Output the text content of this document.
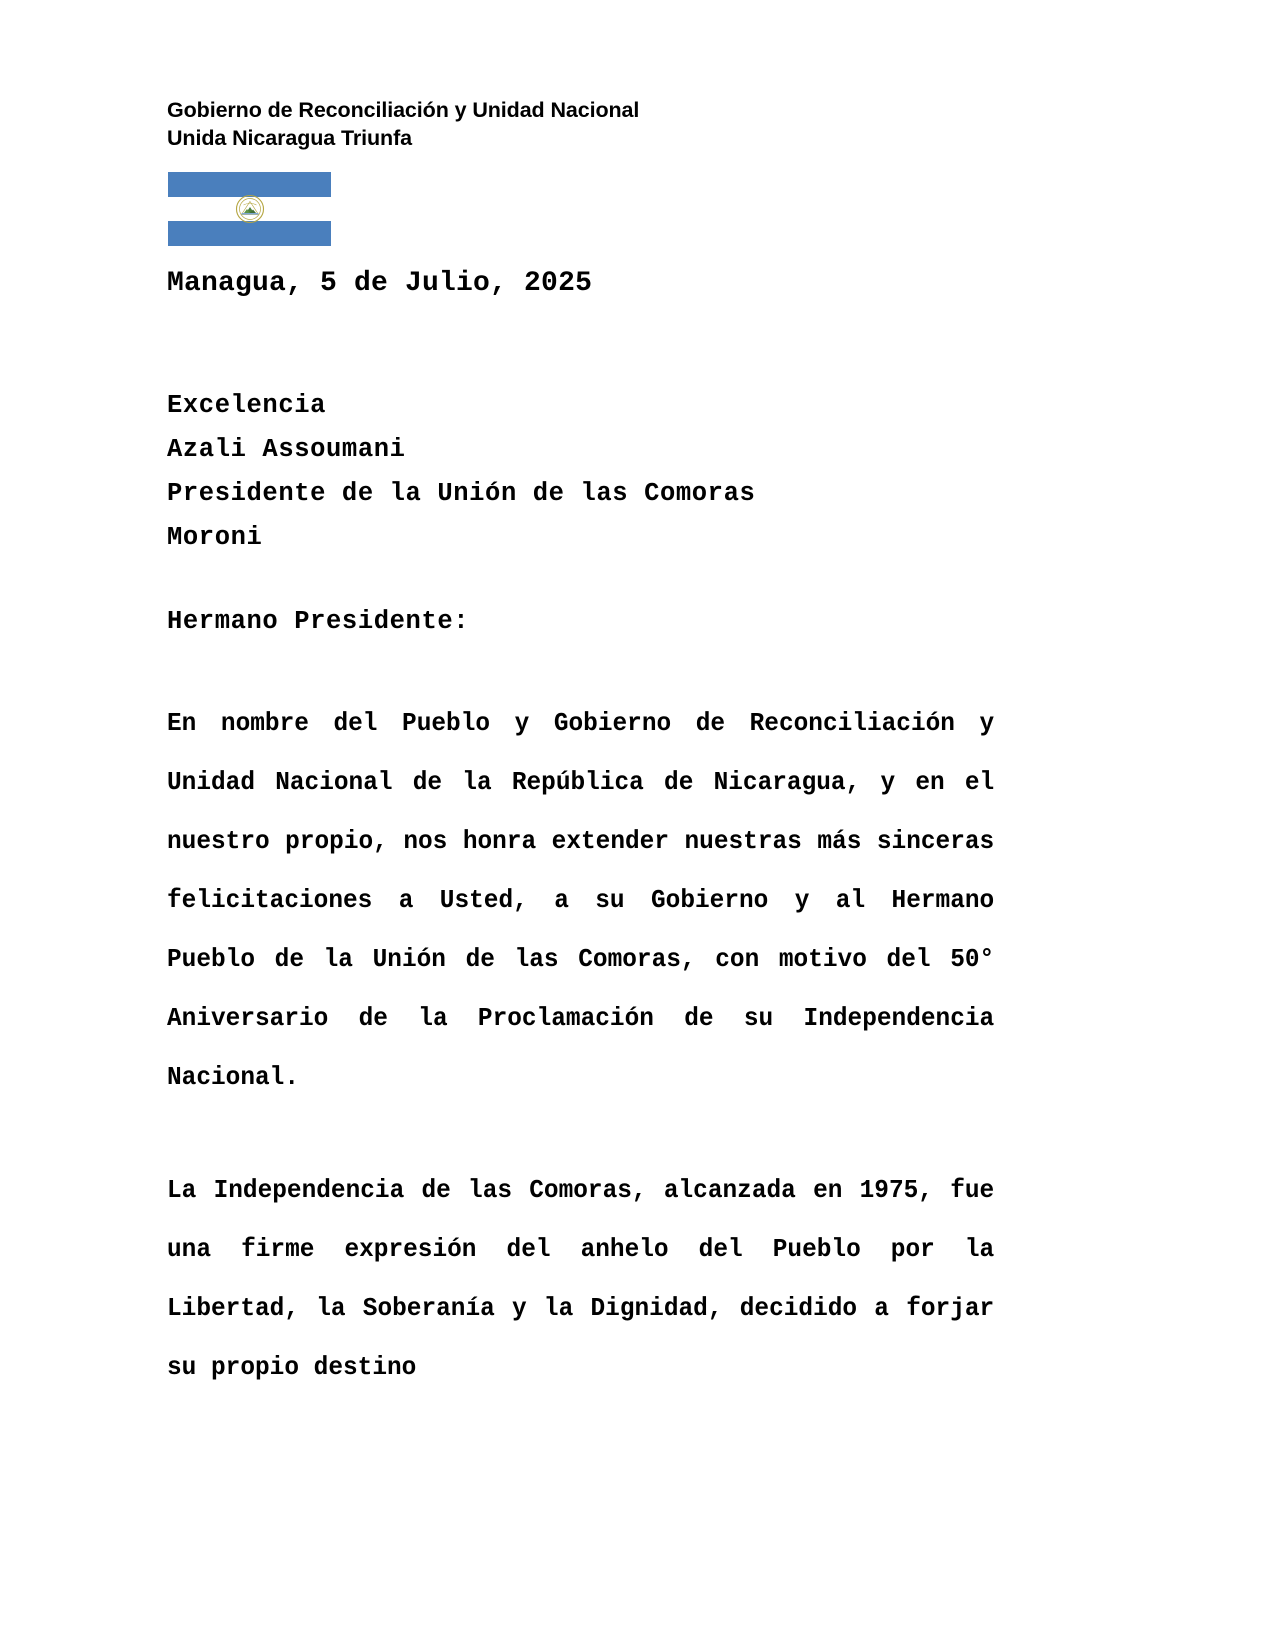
Gobierno de Reconciliación y Unidad Nacional
Unida Nicaragua Triunfa
Managua, 5 de Julio, 2025
Excelencia
Azali Assoumani
Presidente de la Unión de las Comoras
Moroni
Hermano Presidente:
En nombre del Pueblo y Gobierno de Reconciliación y Unidad Nacional de la República de Nicaragua, y en el nuestro propio, nos honra extender nuestras más sinceras felicitaciones a Usted, a su Gobierno y al Hermano Pueblo de la Unión de las Comoras, con motivo del 50° Aniversario de la Proclamación de su Independencia Nacional.
La Independencia de las Comoras, alcanzada en 1975, fue una firme expresión del anhelo del Pueblo por la Libertad, la Soberanía y la Dignidad, decidido a forjar su propio destino
